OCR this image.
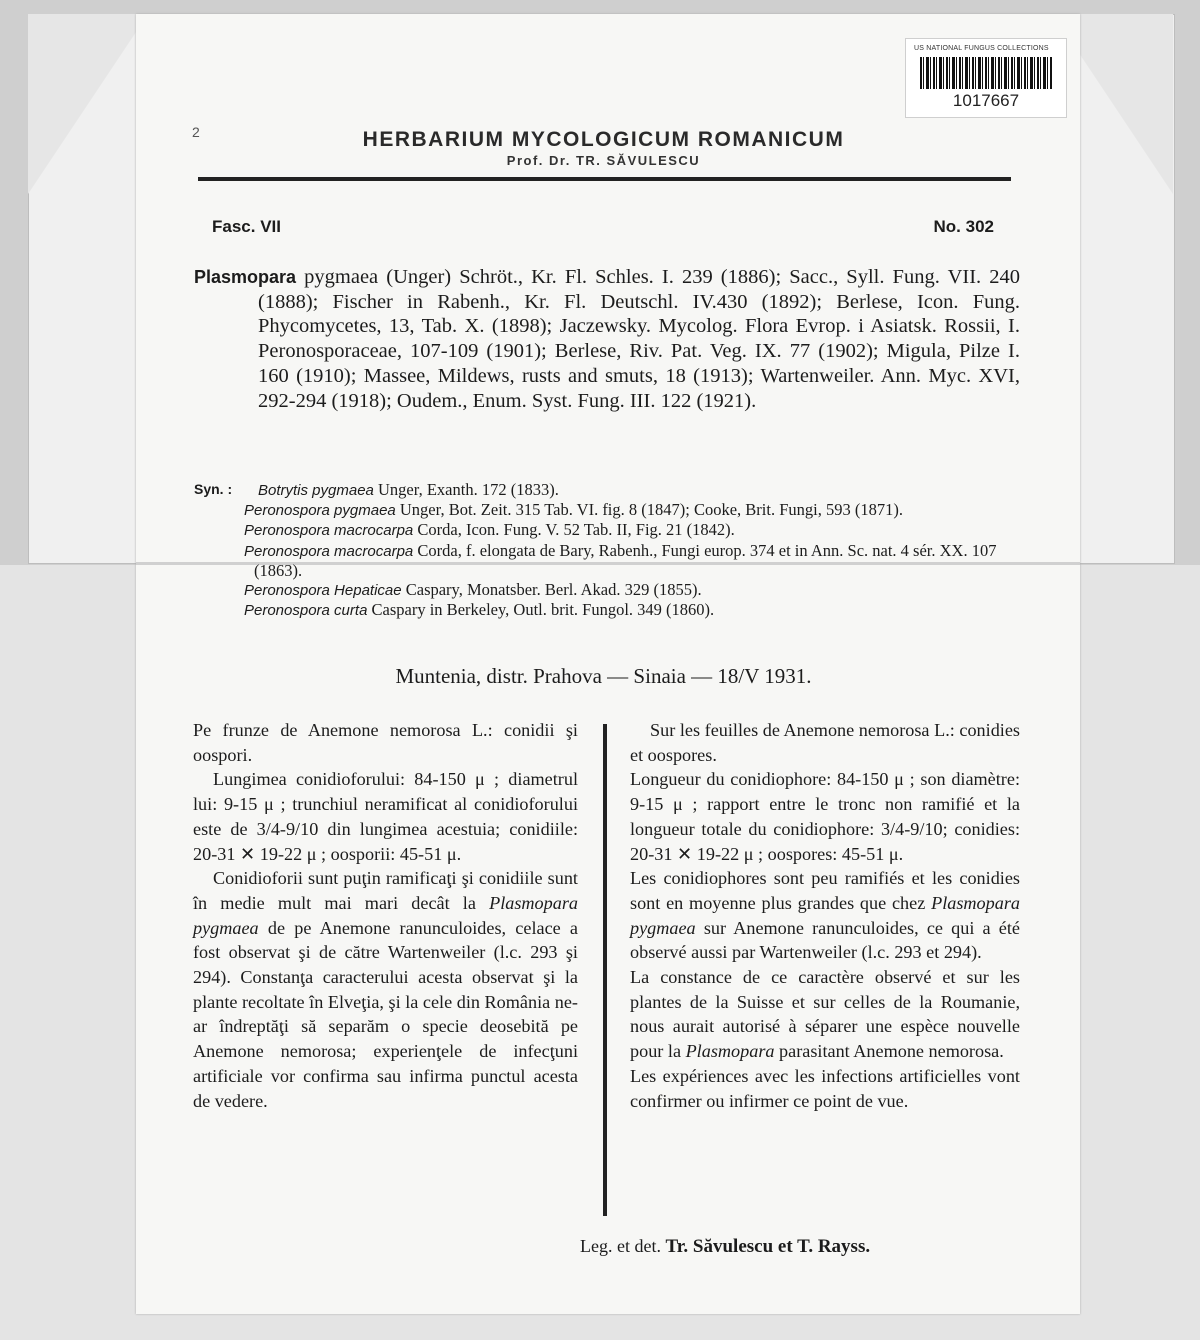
US NATIONAL FUNGUS COLLECTIONS
1017667
2	HERBARIUM MYCOLOGICUM ROMANICUM
Prof. Dr. TR. SĂVULESCU
Fasc. VII	No. 302
Plasmopara pygmaea (Unger) Schröt., Kr. Fl. Schles. I. 239 (1886); Sacc., Syll. Fung. VII. 240 (1888); Fischer in Rabenh., Kr. Fl. Deutschl. IV.430 (1892); Berlese, Icon. Fung. Phycomycetes, 13, Tab. X. (1898); Jaczewsky. Mycolog. Flora Evrop. i Asiatsk. Rossii, I. Peronosporaceae, 107-109 (1901); Berlese, Riv. Pat. Veg. IX. 77 (1902); Migula, Pilze I. 160 (1910); Massee, Mildews, rusts and smuts, 18 (1913); Wartenweiler. Ann. Myc. XVI, 292-294 (1918); Oudem., Enum. Syst. Fung. III. 122 (1921).
Syn. : Botrytis pygmaea Unger, Exanth. 172 (1833).
Peronospora pygmaea Unger, Bot. Zeit. 315 Tab. VI. fig. 8 (1847); Cooke, Brit. Fungi, 593 (1871).
Peronospora macrocarpa Corda, Icon. Fung. V. 52 Tab. II, Fig. 21 (1842).
Peronospora macrocarpa Corda, f. elongata de Bary, Rabenh., Fungi europ. 374 et in Ann. Sc. nat. 4 sér. XX. 107 (1863).
Peronospora Hepaticae Caspary, Monatsber. Berl. Akad. 329 (1855).
Peronospora curta Caspary in Berkeley, Outl. brit. Fungol. 349 (1860).
Muntenia, distr. Prahova — Sinaia — 18/V 1931.

Pe frunze de Anemone nemorosa L.: conidii şi oospori.

Lungimea conidioforului: 84-150 μ ; diametrul lui: 9-15 μ ; trunchiul neramificat al conidioforului este de 3/4-9/10 din lungimea acestuia; conidiile: 20-31 ✕ 19-22 μ ; oosporii: 45-51 μ.

Conidioforii sunt puţin ramificaţi şi conidiile sunt în medie mult mai mari decât la Plasmopara pygmaea de pe Anemone ranunculoides, celace a fost observat şi de către Wartenweiler (l.c. 293 şi 294). Constanţa caracterului acesta observat şi la plante recoltate în Elveţia, şi la cele din România ne-ar îndreptăţi să separăm o specie deosebită pe Anemone nemorosa; experienţele de infecţuni artificiale vor confirma sau infirma punctul acesta de vedere.

Sur les feuilles de Anemone nemorosa L.: conidies et oospores.

Longueur du conidiophore: 84-150 μ ; son diamètre: 9-15 μ ; rapport entre le tronc non ramifié et la longueur totale du conidiophore: 3/4-9/10; conidies: 20-31 ✕ 19-22 μ ; oospores: 45-51 μ.

Les conidiophores sont peu ramifiés et les conidies sont en moyenne plus grandes que chez Plasmopara pygmaea sur Anemone ranunculoides, ce qui a été observé aussi par Wartenweiler (l.c. 293 et 294).

La constance de ce caractère observé et sur les plantes de la Suisse et sur celles de la Roumanie, nous aurait autorisé à séparer une espèce nouvelle pour la Plasmopara parasitant Anemone nemorosa.

Les expériences avec les infections artificielles vont confirmer ou infirmer ce point de vue.

Leg. et det. Tr. Săvulescu et T. Rayss.
